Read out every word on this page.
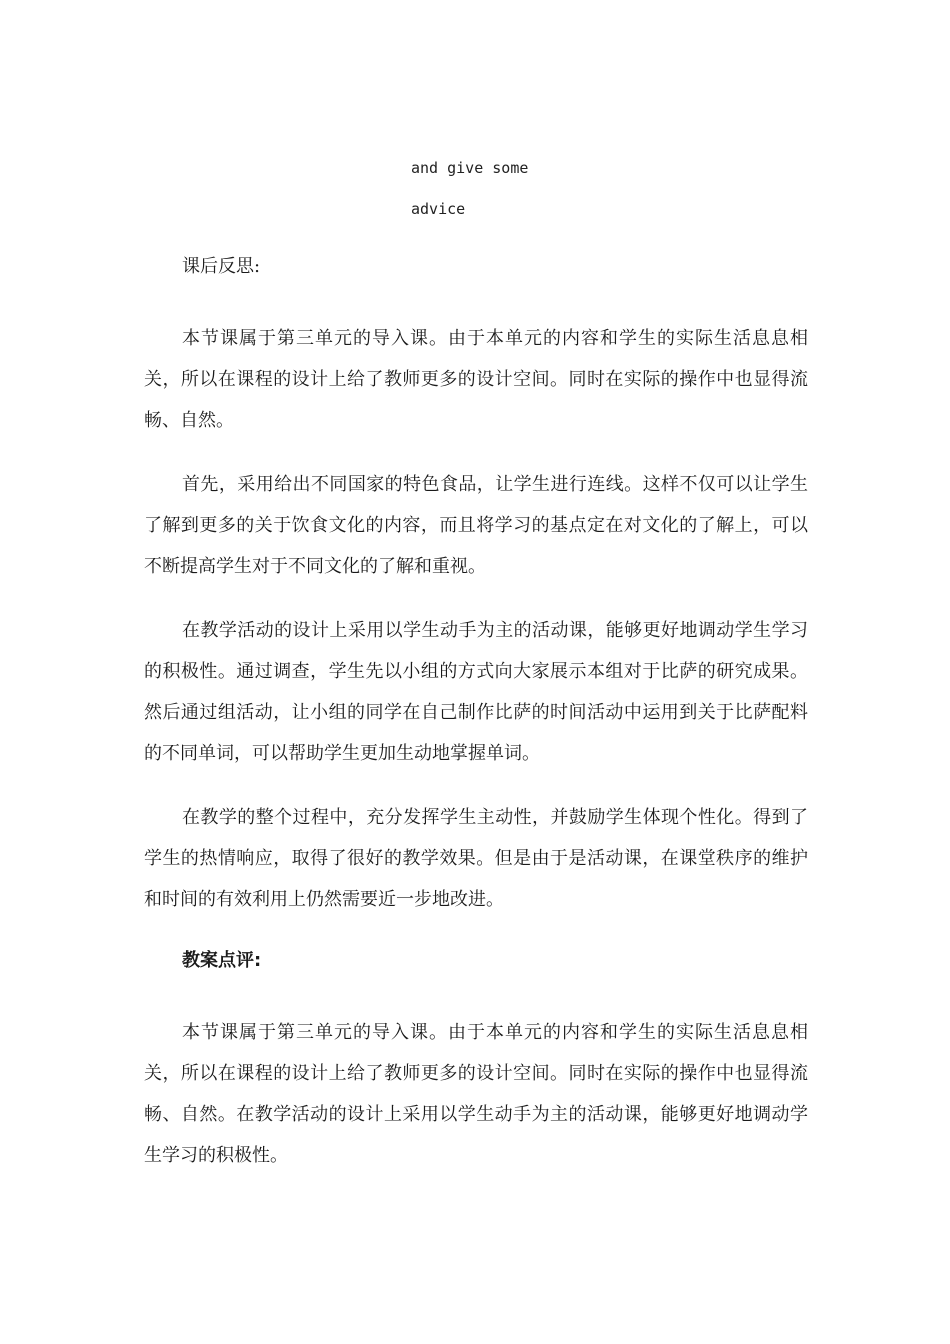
and give some
advice
课后反思:

本节课属于第三单元的导入课。由于本单元的内容和学生的实际生活息息相关，所以在课程的设计上给了教师更多的设计空间。同时在实际的操作中也显得流畅、自然。

首先，采用给出不同国家的特色食品，让学生进行连线。这样不仅可以让学生了解到更多的关于饮食文化的内容，而且将学习的基点定在对文化的了解上，可以不断提高学生对于不同文化的了解和重视。

在教学活动的设计上采用以学生动手为主的活动课，能够更好地调动学生学习的积极性。通过调查，学生先以小组的方式向大家展示本组对于比萨的研究成果。然后通过组活动，让小组的同学在自己制作比萨的时间活动中运用到关于比萨配料的不同单词，可以帮助学生更加生动地掌握单词。

在教学的整个过程中，充分发挥学生主动性，并鼓励学生体现个性化。得到了学生的热情响应，取得了很好的教学效果。但是由于是活动课，在课堂秩序的维护和时间的有效利用上仍然需要近一步地改进。

教案点评:

本节课属于第三单元的导入课。由于本单元的内容和学生的实际生活息息相关，所以在课程的设计上给了教师更多的设计空间。同时在实际的操作中也显得流畅、自然。在教学活动的设计上采用以学生动手为主的活动课，能够更好地调动学生学习的积极性。
